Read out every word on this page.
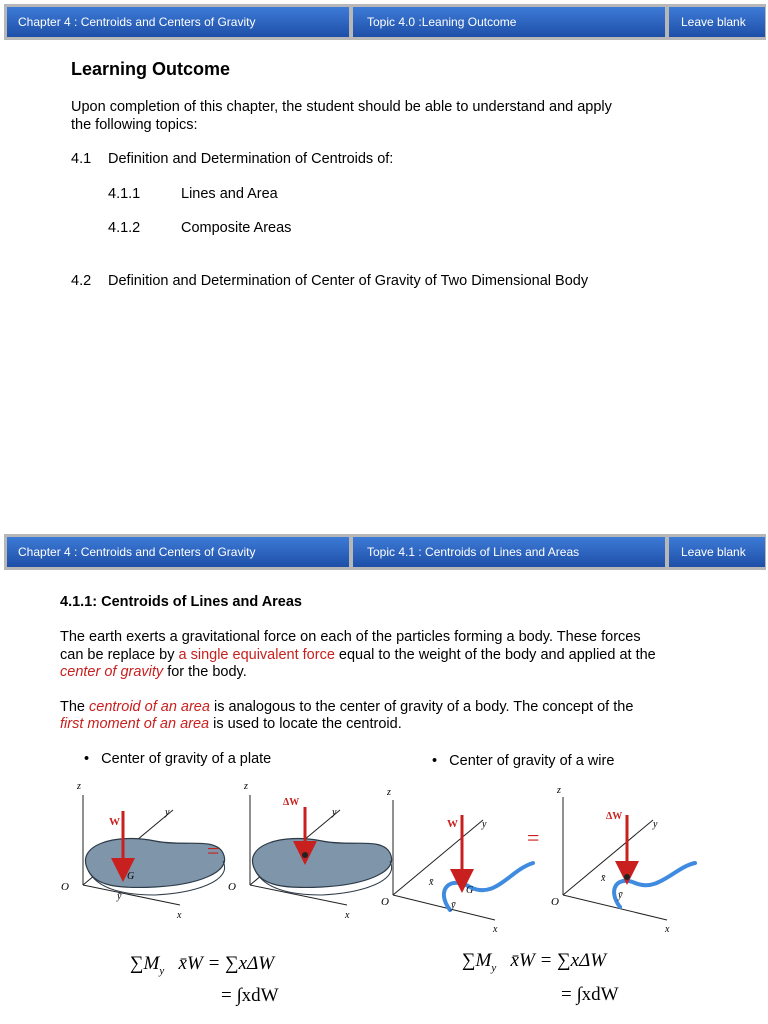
Chapter 4 : Centroids and Centers of Gravity	Topic 4.0 :Leaning Outcome	Leave blank
Learning Outcome
Upon completion of this chapter, the student should be able to understand and apply
the following topics:
4.1 Definition and Determination of Centroids of:
4.1.1	Lines and Area
4.1.2	Composite Areas
4.2 Definition and Determination of Center of Gravity of Two Dimensional Body
Chapter 4 : Centroids and Centers of Gravity	Topic 4.1 : Centroids of Lines and Areas	Leave blank
4.1.1: Centroids of Lines and Areas
The earth exerts a gravitational force on each of the particles forming a body. These forces
can be replace by a single equivalent force equal to the weight of the body and applied at the
center of gravity for the body.
The centroid of an area is analogous to the center of gravity of a body. The concept of the
first moment of an area is used to locate the centroid.
•   Center of gravity of a plate	•   Center of gravity of a wire
W
G
ȳ
z
y
x
O
=
ΔW
z
y
x
O
W
G
x̄
ȳ
z
y
x
O
=
ΔW
x̄
ȳ
z
y
x
O
$\sum M_y$ x̄W = ∑xΔW
= ∫xdW
$\sum M_y$ x̄W = ∑xΔW
= ∫xdW
